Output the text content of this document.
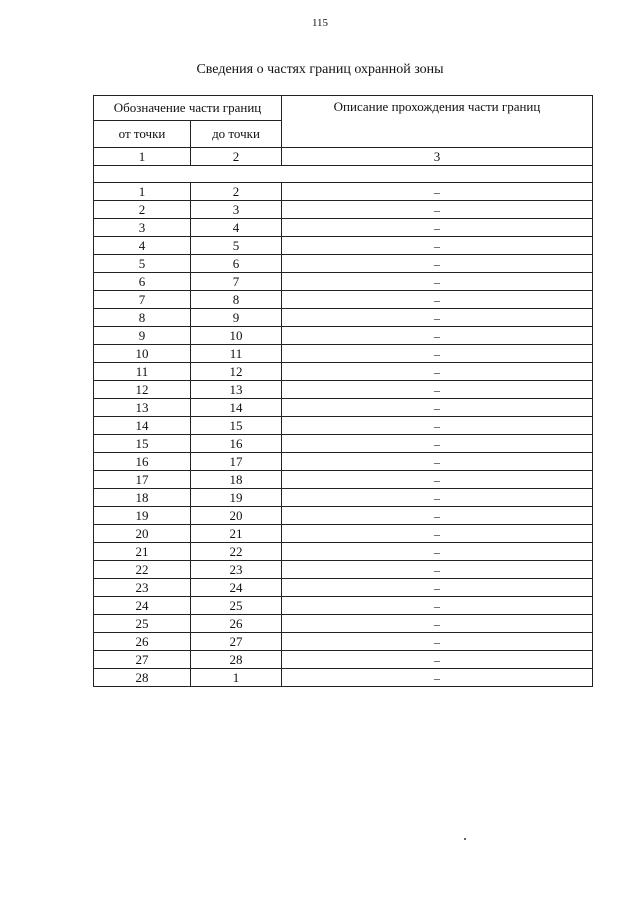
115
Сведения о частях границ охранной зоны
Обозначение части границ		Описание прохождения части границ
от точки	до точки	
1	2	3

1	2	–
2	3	–
3	4	–
4	5	–
5	6	–
6	7	–
7	8	–
8	9	–
9	10	–
10	11	–
11	12	–
12	13	–
13	14	–
14	15	–
15	16	–
16	17	–
17	18	–
18	19	–
19	20	–
20	21	–
21	22	–
22	23	–
23	24	–
24	25	–
25	26	–
26	27	–
27	28	–
28	1	–
